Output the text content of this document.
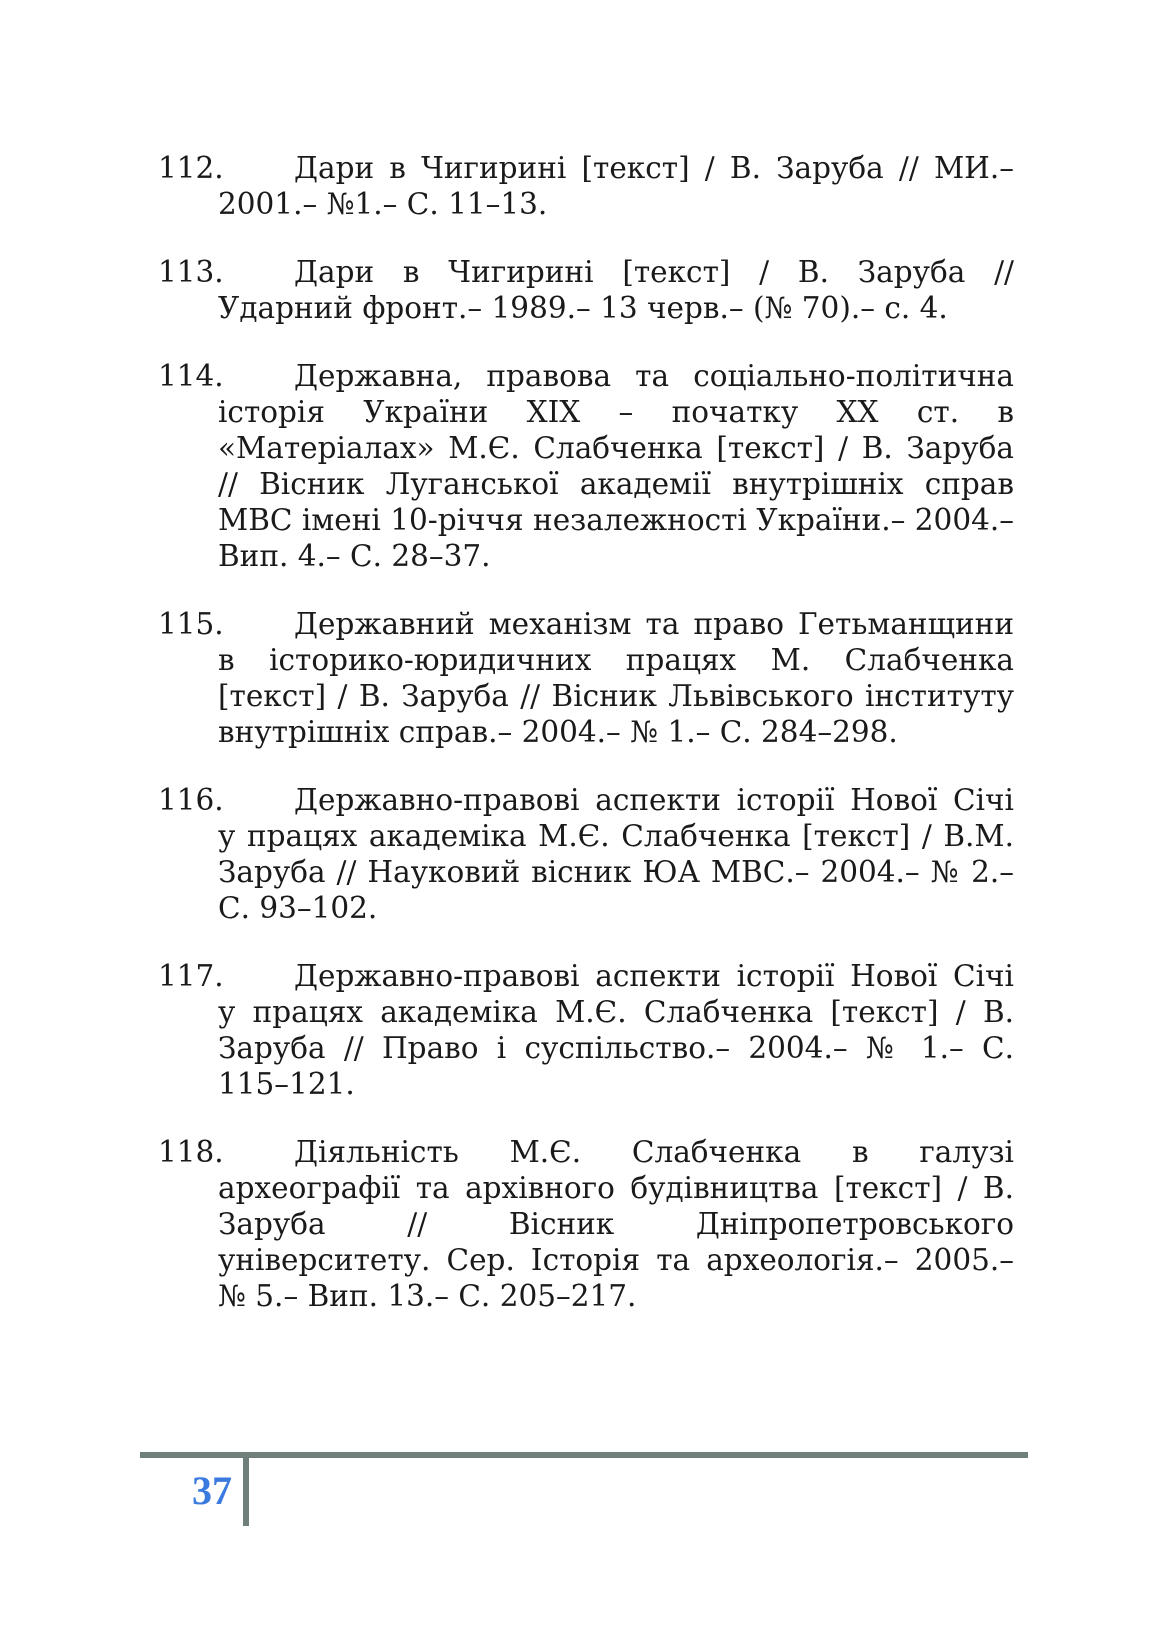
112.	Дари в Чигирині [текст] / В. Заруба // МИ.– 2001.– №1.– С. 11–13.
113.	Дари в Чигирині [текст] / В. Заруба // Ударний фронт.– 1989.– 13 черв.– (№ 70).– с. 4.
114.	Державна, правова та соціально-політична історія України ХІХ – початку ХХ ст. в «Матеріалах» М.Є. Слабченка [текст] / В. Заруба // Вісник Луганської академії внутрішніх справ МВС імені 10-річчя незалежності України.– 2004.– Вип. 4.– С. 28–37.
115.	Державний механізм та право Гетьманщини в історико-юридичних працях М. Слабченка [текст] / В. Заруба // Вісник Львівського інституту внутрішніх справ.– 2004.– № 1.– С. 284–298.
116.	Державно-правові аспекти історії Нової Січі у працях академіка М.Є. Слабченка [текст] / В.М. Заруба // Науковий вісник ЮА МВС.– 2004.– № 2.– С. 93–102.
117.	Державно-правові аспекти історії Нової Січі у працях академіка М.Є. Слабченка [текст] / В. Заруба // Право і суспільство.– 2004.– № 1.– С. 115–121.
118.	Діяльність М.Є. Слабченка в галузі археографії та архівного будівництва [текст] / В. Заруба // Вісник Дніпропетровського університету. Сер. Історія та археологія.– 2005.– № 5.– Вип. 13.– С. 205–217.
37
